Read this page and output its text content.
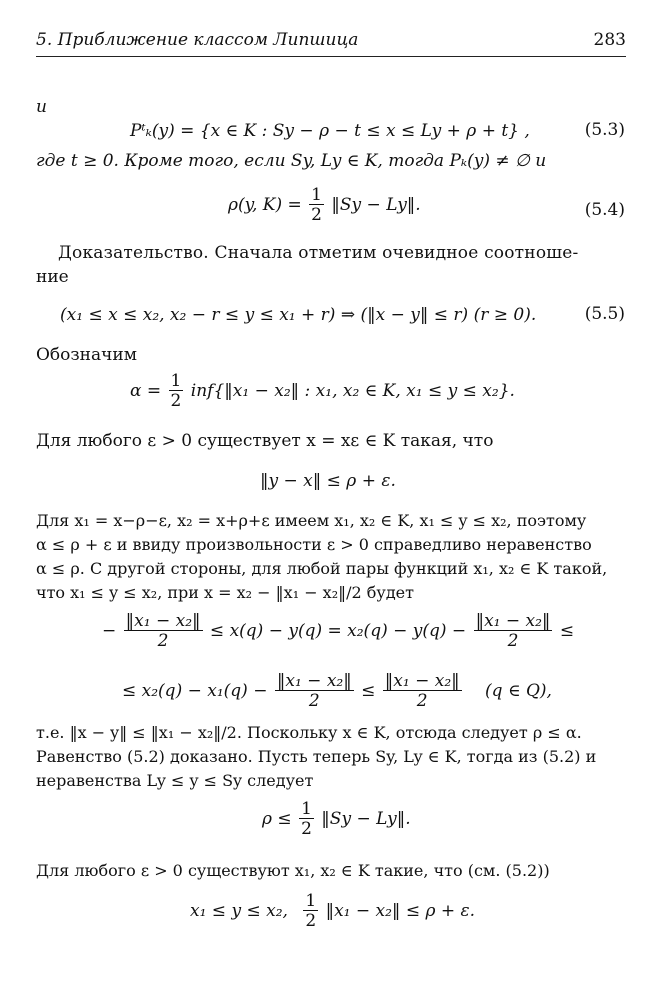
5. Приближение классом Липшица	283
и
Pᵗₖ(y) = {x ∈ K : Sy − ρ − t ≤ x ≤ Ly + ρ + t} ,	(5.3)
где t ≥ 0. Кроме того, если Sy, Ly ∈ K, тогда Pₖ(y) ≠ ∅ и
ρ(y, $K) = \frac{1}{2}$ ‖Sy − Ly‖.	(5.4)
Доказательство. Сначала отметим очевидное соотноше-
ние
(x₁ ≤ x ≤ x₂, x₂ − r ≤ y ≤ x₁ + r) ⇒ (‖x − y‖ ≤ r) (r ≥ 0).	(5.5)
Обозначим
$\alpha = \frac{1}{2}$ inf{‖x₁ − x₂‖ : x₁, x₂ ∈ K, x₁ ≤ y ≤ x₂}.
Для любого ε > 0 существует x = xε ∈ K такая, что
‖y − x‖ ≤ ρ + ε.
Для x₁ = x−ρ−ε, x₂ = x+ρ+ε имеем x₁, x₂ ∈ K, x₁ ≤ y ≤ x₂, поэтому
α ≤ ρ + ε и ввиду произвольности ε > 0 справедливо неравенство
α ≤ ρ. С другой стороны, для любой пары функций x₁, x₂ ∈ K такой,
что x₁ ≤ y ≤ x₂, при x = x₂ − ‖x₁ − x₂‖/2 будет
− $\frac{\text{‖x₁ − x₂‖}}{2} \le x(q) - y(q) = x_2(q) - y(q) - \frac{\text{‖x₁ − x₂‖}}{2}$ ≤
≤ $x_2(q) - x_1(q) - \frac{\text{‖x₁ − x₂‖}}{2} \le \frac{\text{‖x₁ − x₂‖}}{2} (q$ ∈ Q),
т.е. ‖x − y‖ ≤ ‖x₁ − x₂‖/2. Поскольку x ∈ K, отсюда следует ρ ≤ α.
Равенство (5.2) доказано. Пусть теперь Sy, Ly ∈ K, тогда из (5.2) и
неравенства Ly ≤ y ≤ Sy следует
$\rho \le \frac{1}{2}$ ‖Sy − Ly‖.
Для любого ε > 0 существуют x₁, x₂ ∈ K такие, что (см. (5.2))
x₁ ≤ y ≤ x₂, $\frac{1}{2}$ ‖x₁ − x₂‖ ≤ ρ + ε.
